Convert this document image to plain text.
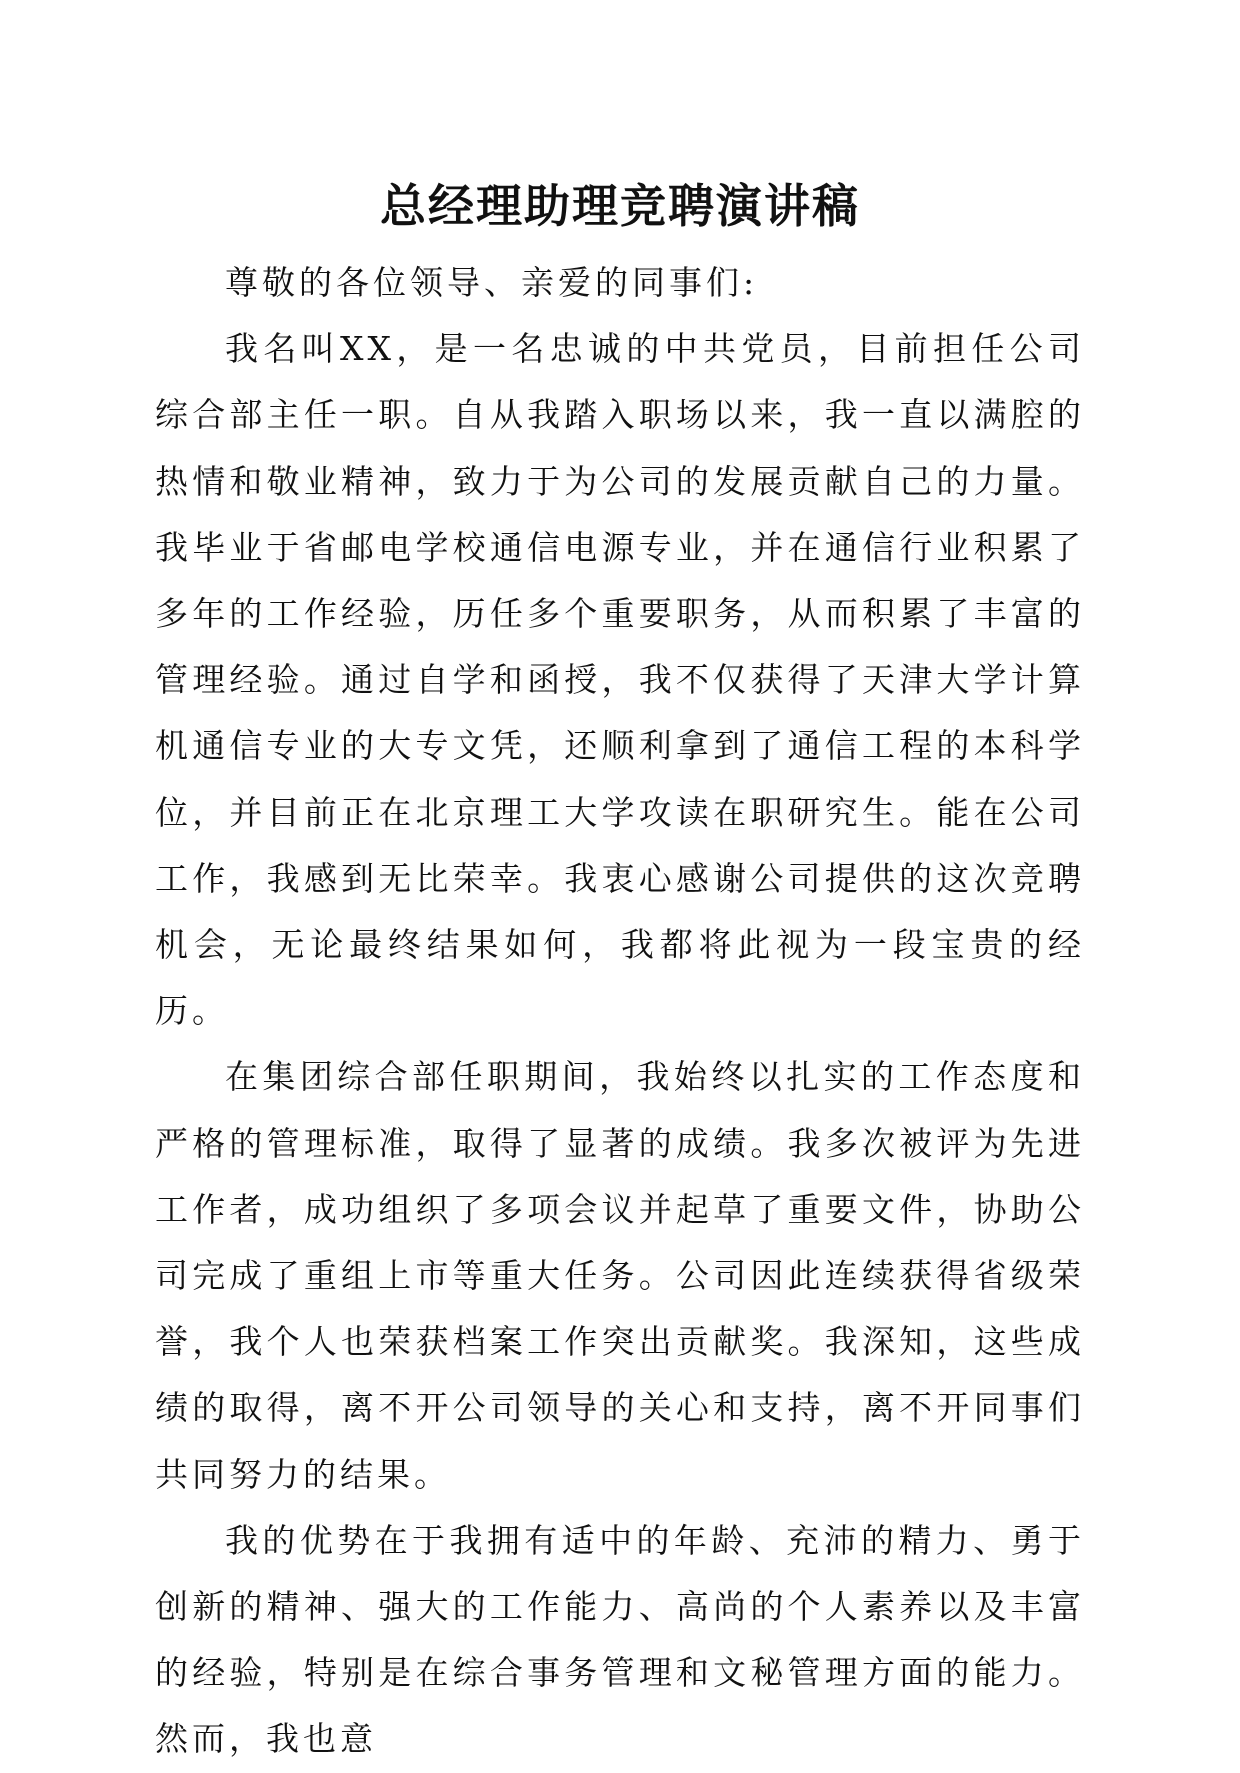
总经理助理竞聘演讲稿

尊敬的各位领导、亲爱的同事们:

我名叫XX，是一名忠诚的中共党员，目前担任公司综合部主任一职。自从我踏入职场以来，我一直以满腔的热情和敬业精神，致力于为公司的发展贡献自己的力量。我毕业于省邮电学校通信电源专业，并在通信行业积累了多年的工作经验，历任多个重要职务，从而积累了丰富的管理经验。通过自学和函授，我不仅获得了天津大学计算机通信专业的大专文凭，还顺利拿到了通信工程的本科学位，并目前正在北京理工大学攻读在职研究生。能在公司工作，我感到无比荣幸。我衷心感谢公司提供的这次竞聘机会，无论最终结果如何，我都将此视为一段宝贵的经历。

在集团综合部任职期间，我始终以扎实的工作态度和严格的管理标准，取得了显著的成绩。我多次被评为先进工作者，成功组织了多项会议并起草了重要文件，协助公司完成了重组上市等重大任务。公司因此连续获得省级荣誉，我个人也荣获档案工作突出贡献奖。我深知，这些成绩的取得，离不开公司领导的关心和支持，离不开同事们共同努力的结果。

我的优势在于我拥有适中的年龄、充沛的精力、勇于创新的精神、强大的工作能力、高尚的个人素养以及丰富的经验，特别是在综合事务管理和文秘管理方面的能力。然而，我也意
